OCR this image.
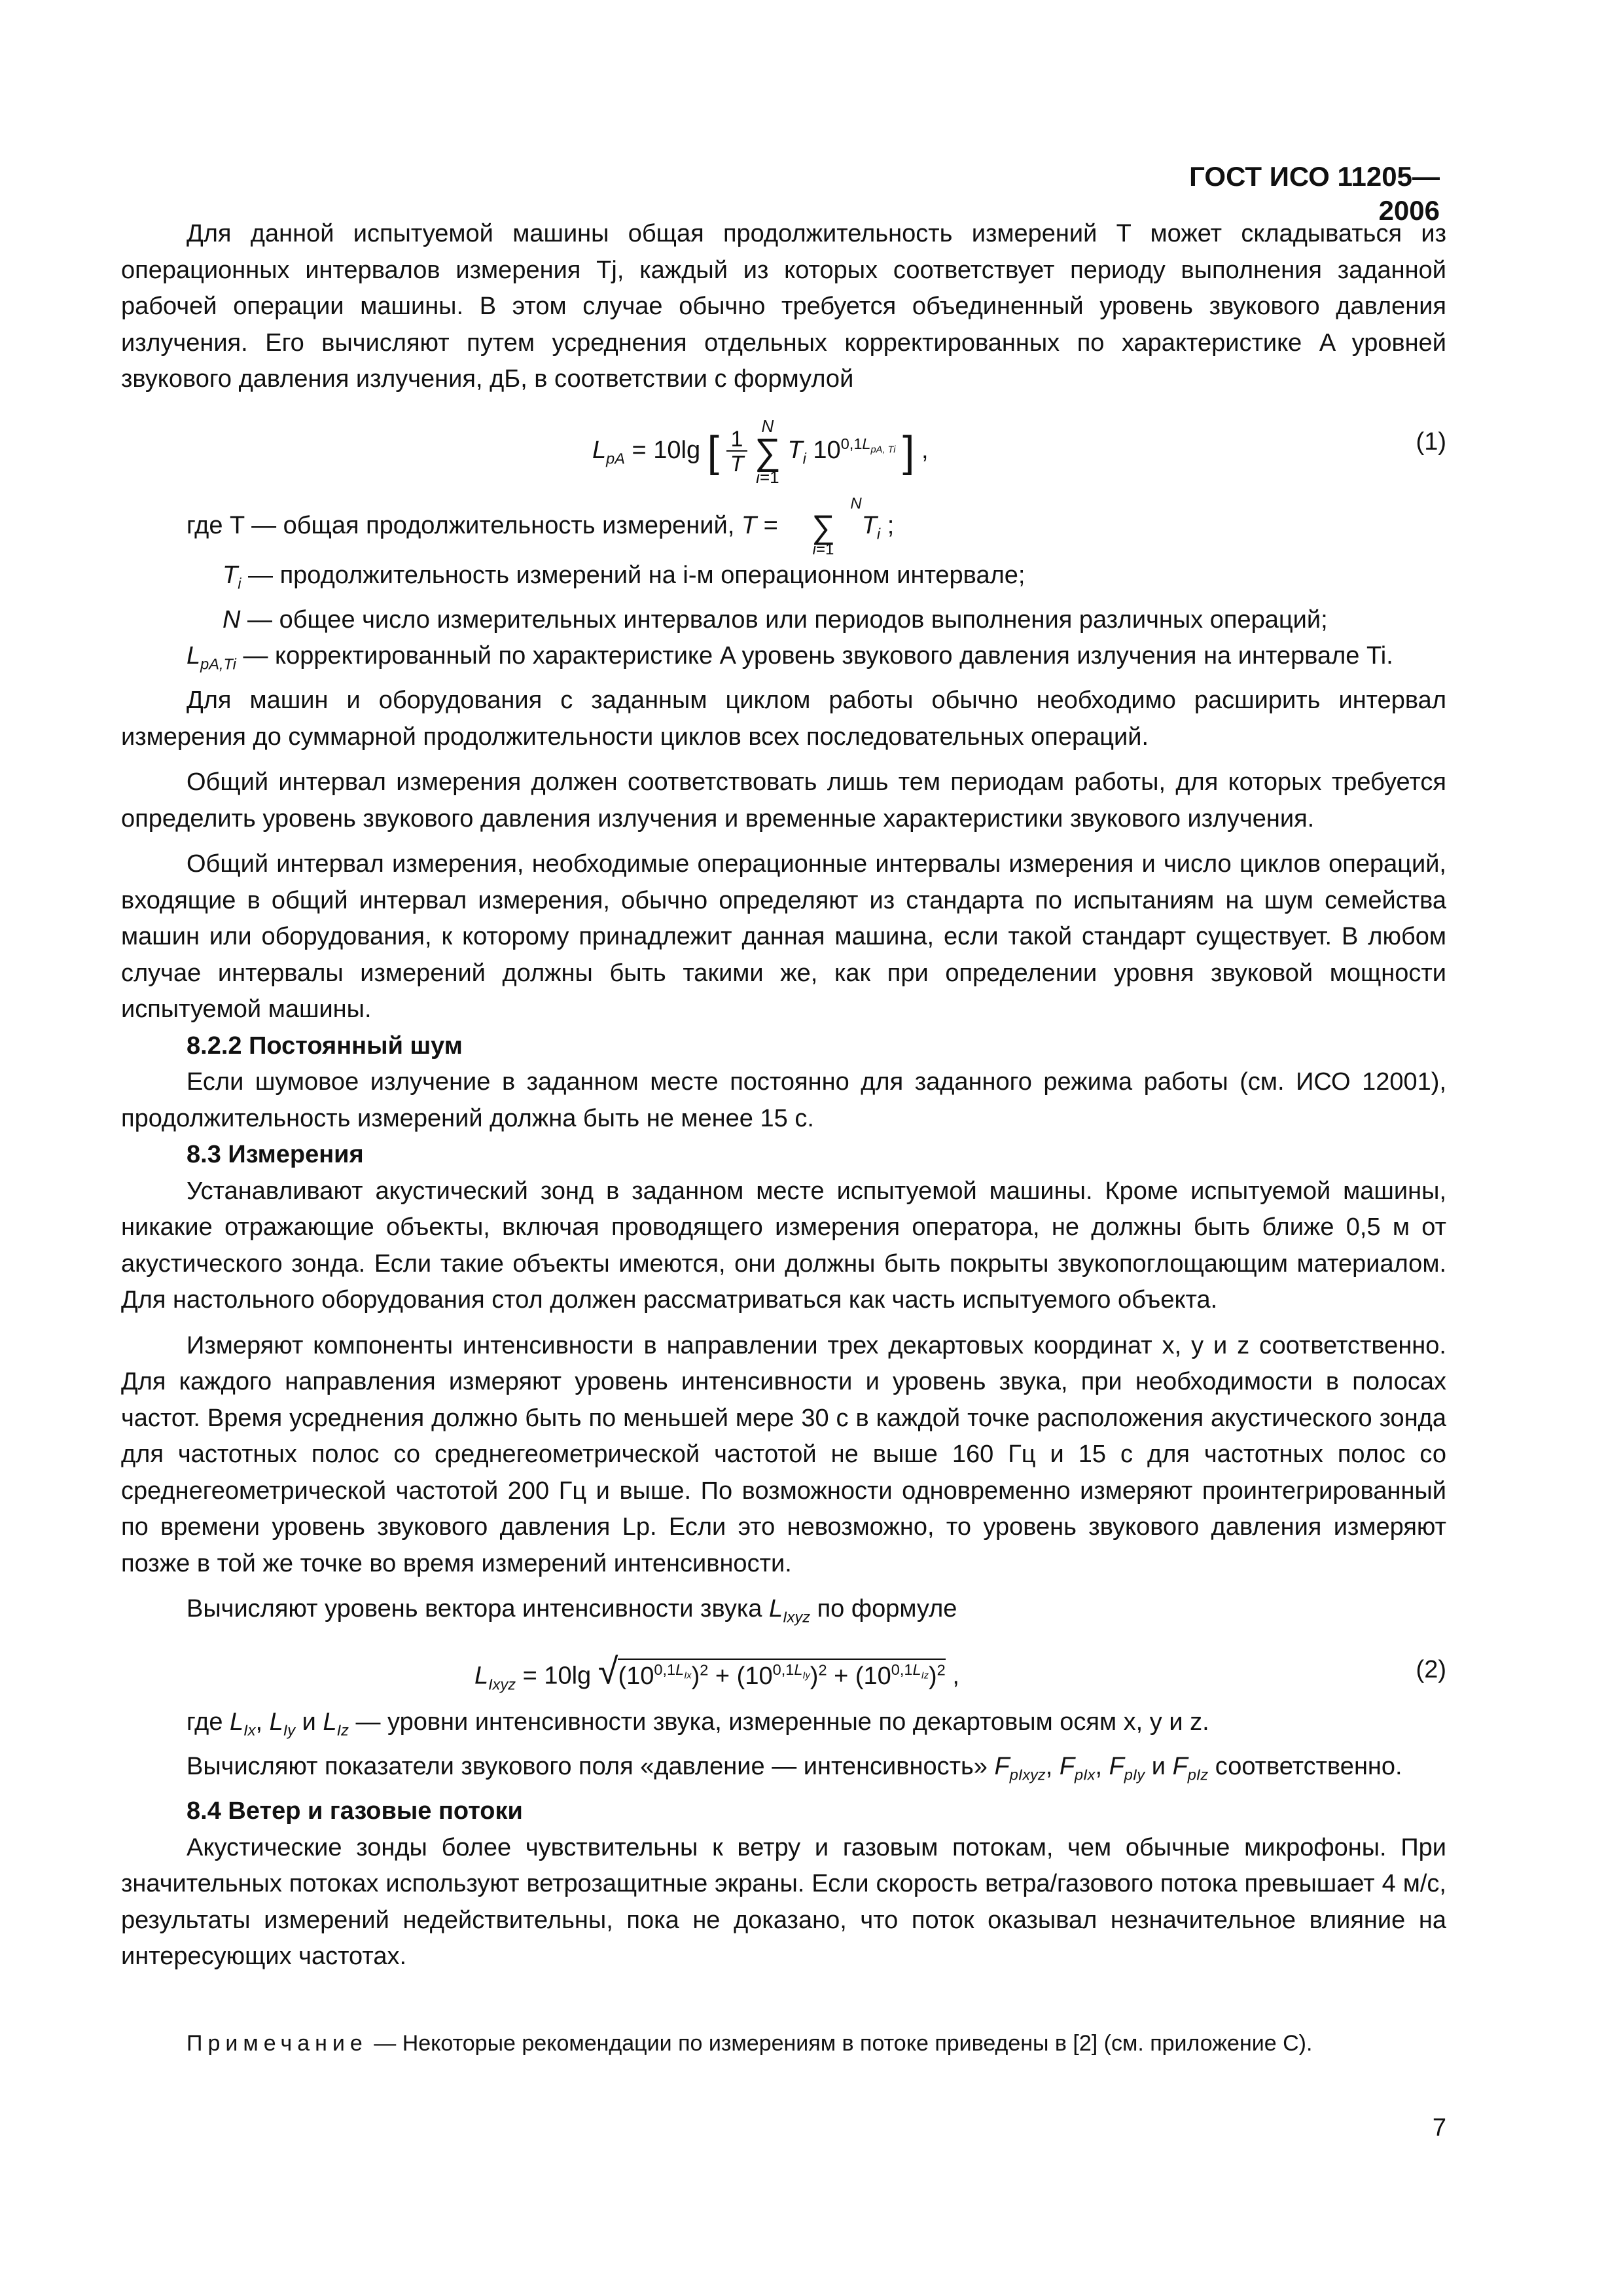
ГОСТ ИСО 11205—2006

Для данной испытуемой машины общая продолжительность измерений T может складываться из операционных интервалов измерения Tj, каждый из которых соответствует периоду выполнения заданной рабочей операции машины. В этом случае обычно требуется объединенный уровень звукового давления излучения. Его вычисляют путем усреднения отдельных корректированных по характеристике A уровней звукового давления излучения, дБ, в соответствии с формулой

$L_{pA} = 10\lg$ [ 1
T N
∑
i=1 $T_i$ $10^{0,1L_{pA, Ti}}$ ] ,	(1)

где T — общая продолжительность измерений, T = N
∑
$i=1T_i$ ;

$T_i$ — продолжительность измерений на i-м операционном интервале;

N — общее число измерительных интервалов или периодов выполнения различных операций;

$L_{pA,Ti}$ — корректированный по характеристике A уровень звукового давления излучения на интервале Ti.

Для машин и оборудования с заданным циклом работы обычно необходимо расширить интервал измерения до суммарной продолжительности циклов всех последовательных операций.

Общий интервал измерения должен соответствовать лишь тем периодам работы, для которых требуется определить уровень звукового давления излучения и временные характеристики звукового излучения.

Общий интервал измерения, необходимые операционные интервалы измерения и число циклов операций, входящие в общий интервал измерения, обычно определяют из стандарта по испытаниям на шум семейства машин или оборудования, к которому принадлежит данная машина, если такой стандарт существует. В любом случае интервалы измерений должны быть такими же, как при определении уровня звуковой мощности испытуемой машины.

8.2.2 Постоянный шум

Если шумовое излучение в заданном месте постоянно для заданного режима работы (см. ИСО 12001), продолжительность измерений должна быть не менее 15 с.

8.3 Измерения

Устанавливают акустический зонд в заданном месте испытуемой машины. Кроме испытуемой машины, никакие отражающие объекты, включая проводящего измерения оператора, не должны быть ближе 0,5 м от акустического зонда. Если такие объекты имеются, они должны быть покрыты звукопоглощающим материалом. Для настольного оборудования стол должен рассматриваться как часть испытуемого объекта.

Измеряют компоненты интенсивности в направлении трех декартовых координат x, y и z соответственно. Для каждого направления измеряют уровень интенсивности и уровень звука, при необходимости в полосах частот. Время усреднения должно быть по меньшей мере 30 с в каждой точке расположения акустического зонда для частотных полос со среднегеометрической частотой не выше 160 Гц и 15 с для частотных полос со среднегеометрической частотой 200 Гц и выше. По возможности одновременно измеряют проинтегрированный по времени уровень звукового давления Lp. Если это невозможно, то уровень звукового давления измеряют позже в той же точке во время измерений интенсивности.

Вычисляют уровень вектора интенсивности звука $L_{Ixyz}$ по формуле

$L_{Ixyz} = 10\lg$ $√(10^{0,1L_{Ix}})^2 + (10^{0,1L_{Iy}})^2 + (10^{0,1L_{Iz}})^2$ ,	(2)

где $L_{Ix}$, $L_{Iy}$ и $L_{Iz}$ — уровни интенсивности звука, измеренные по декартовым осям x, y и z.

Вычисляют показатели звукового поля «давление — интенсивность» $F_{pIxyz}$, $F_{pIx}$, $F_{pIy}$ и $F_{pIz}$ соответственно.

8.4 Ветер и газовые потоки

Акустические зонды более чувствительны к ветру и газовым потокам, чем обычные микрофоны. При значительных потоках используют ветрозащитные экраны. Если скорость ветра/газового потока превышает 4 м/с, результаты измерений недействительны, пока не доказано, что поток оказывал незначительное влияние на интересующих частотах.

Примечание — Некоторые рекомендации по измерениям в потоке приведены в [2] (см. приложение С).
7
